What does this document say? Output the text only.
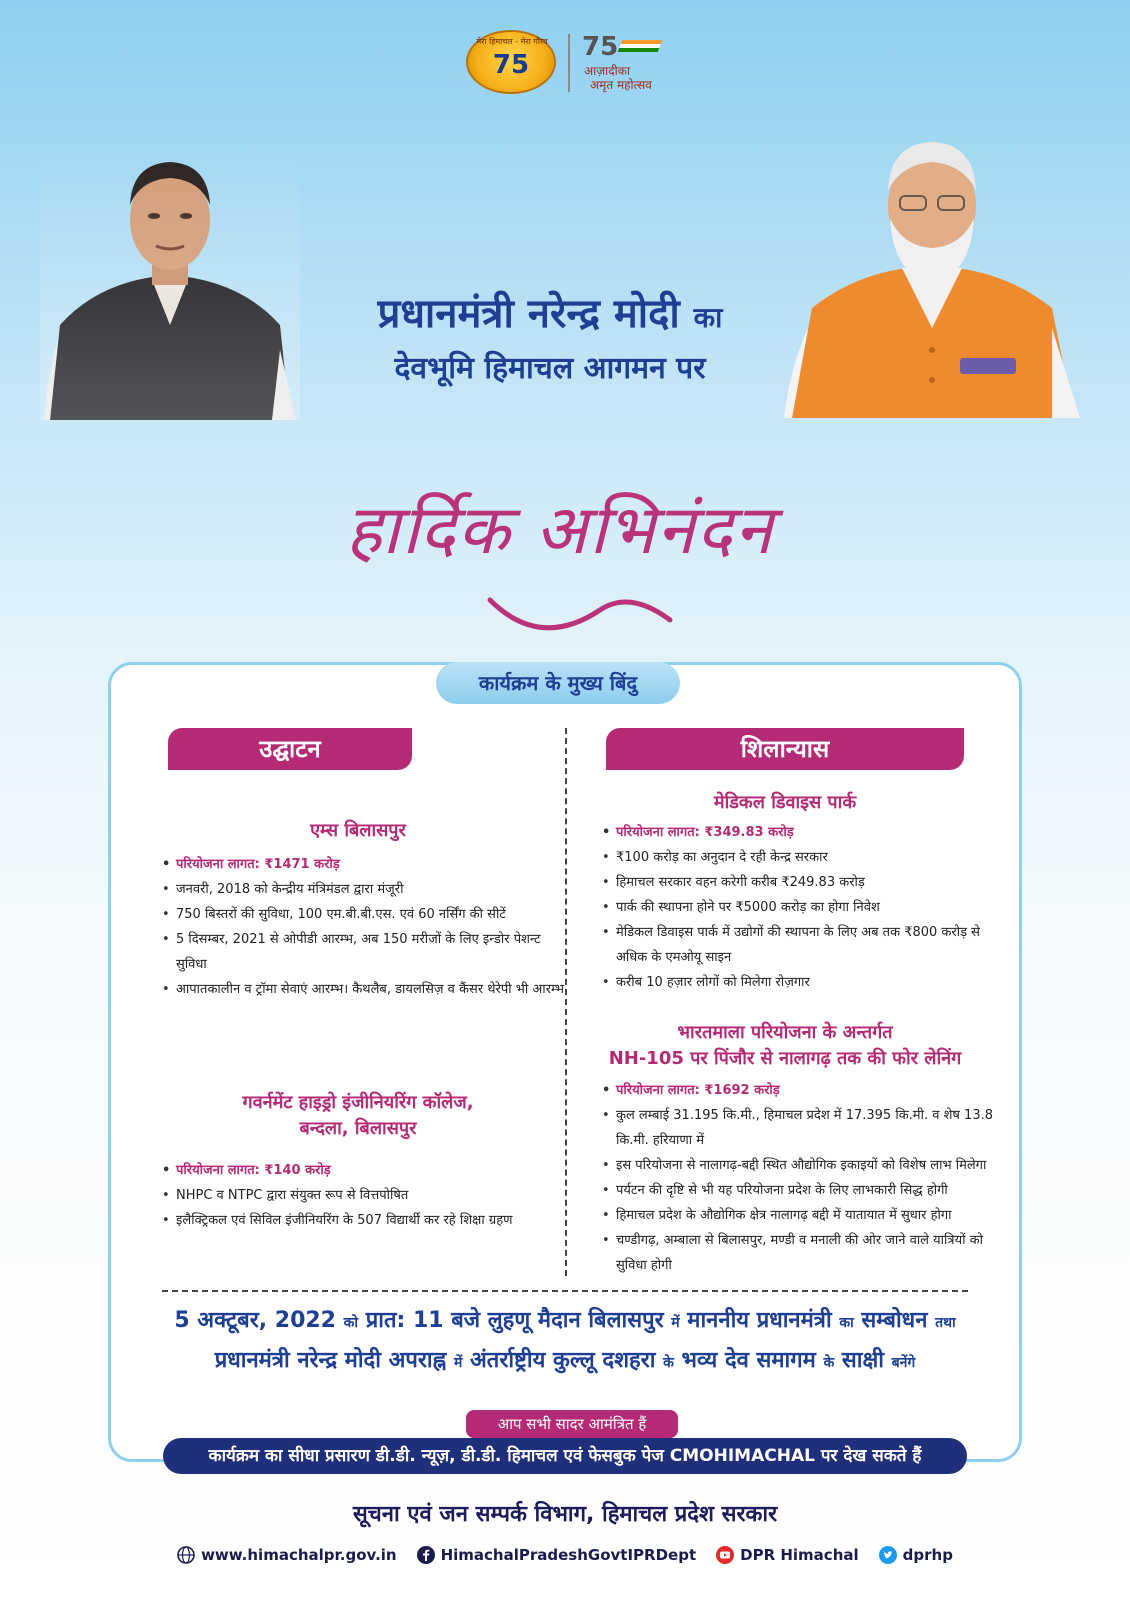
मेरा हिमाचल - मेरा गौरव
75
75
आज़ादीका
अमृत महोत्सव
प्रधानमंत्री नरेन्द्र मोदी का
देवभूमि हिमाचल आगमन पर
हार्दिक अभिनंदन
कार्यक्रम के मुख्य बिंदु
उद्घाटन	शिलान्यास
एम्स बिलासपुर
• परियोजना लागत: ₹1471 करोड़
• जनवरी, 2018 को केन्द्रीय मंत्रिमंडल द्वारा मंजूरी
• 750 बिस्तरों की सुविधा, 100 एम.बी.बी.एस. एवं 60 नर्सिंग की सीटें
• 5 दिसम्बर, 2021 से ओपीडी आरम्भ, अब 150 मरीजों के लिए इन्डोर पेशन्ट सुविधा
• आपातकालीन व ट्रॉमा सेवाएं आरम्भ। कैथलैब, डायलसिज़ व कैंसर थेरेपी भी आरम्भ
गवर्नमेंट हाइड्रो इंजीनियरिंग कॉलेज,
बन्दला, बिलासपुर
• परियोजना लागत: ₹140 करोड़
• NHPC व NTPC द्वारा संयुक्त रूप से वित्तपोषित
• इलैक्ट्रिकल एवं सिविल इंजीनियरिंग के 507 विद्यार्थी कर रहे शिक्षा ग्रहण
मेडिकल डिवाइस पार्क
• परियोजना लागत: ₹349.83 करोड़
• ₹100 करोड़ का अनुदान दे रही केन्द्र सरकार
• हिमाचल सरकार वहन करेगी करीब ₹249.83 करोड़
• पार्क की स्थापना होने पर ₹5000 करोड़ का होगा निवेश
• मेडिकल डिवाइस पार्क में उद्योगों की स्थापना के लिए अब तक ₹800 करोड़ से अधिक के एमओयू साइन
• करीब 10 हज़ार लोगों को मिलेगा रोज़गार
भारतमाला परियोजना के अन्तर्गत
NH-105 पर पिंजौर से नालागढ़ तक की फोर लेनिंग
• परियोजना लागत: ₹1692 करोड़
• कुल लम्बाई 31.195 कि.मी., हिमाचल प्रदेश में 17.395 कि.मी. व शेष 13.8 कि.मी. हरियाणा में
• इस परियोजना से नालागढ़-बद्दी स्थित औद्योगिक इकाइयों को विशेष लाभ मिलेगा
• पर्यटन की दृष्टि से भी यह परियोजना प्रदेश के लिए लाभकारी सिद्ध होगी
• हिमाचल प्रदेश के औद्योगिक क्षेत्र नालागढ़ बद्दी में यातायात में सुधार होगा
• चण्डीगढ़, अम्बाला से बिलासपुर, मण्डी व मनाली की ओर जाने वाले यात्रियों को सुविधा होगी
5 अक्टूबर, 2022 को प्रात: 11 बजे लुहणू मैदान बिलासपुर में माननीय प्रधानमंत्री का सम्बोधन तथा
प्रधानमंत्री नरेन्द्र मोदी अपराह्न में अंतर्राष्ट्रीय कुल्लू दशहरा के भव्य देव समागम के साक्षी बनेंगे
आप सभी सादर आमंत्रित हैं
कार्यक्रम का सीधा प्रसारण डी.डी. न्यूज़, डी.डी. हिमाचल एवं फेसबुक पेज CMOHIMACHAL पर देख सकते हैं
सूचना एवं जन सम्पर्क विभाग, हिमाचल प्रदेश सरकार
www.himachalpr.gov.in	HimachalPradeshGovtIPRDept	DPR Himachal	dprhp
